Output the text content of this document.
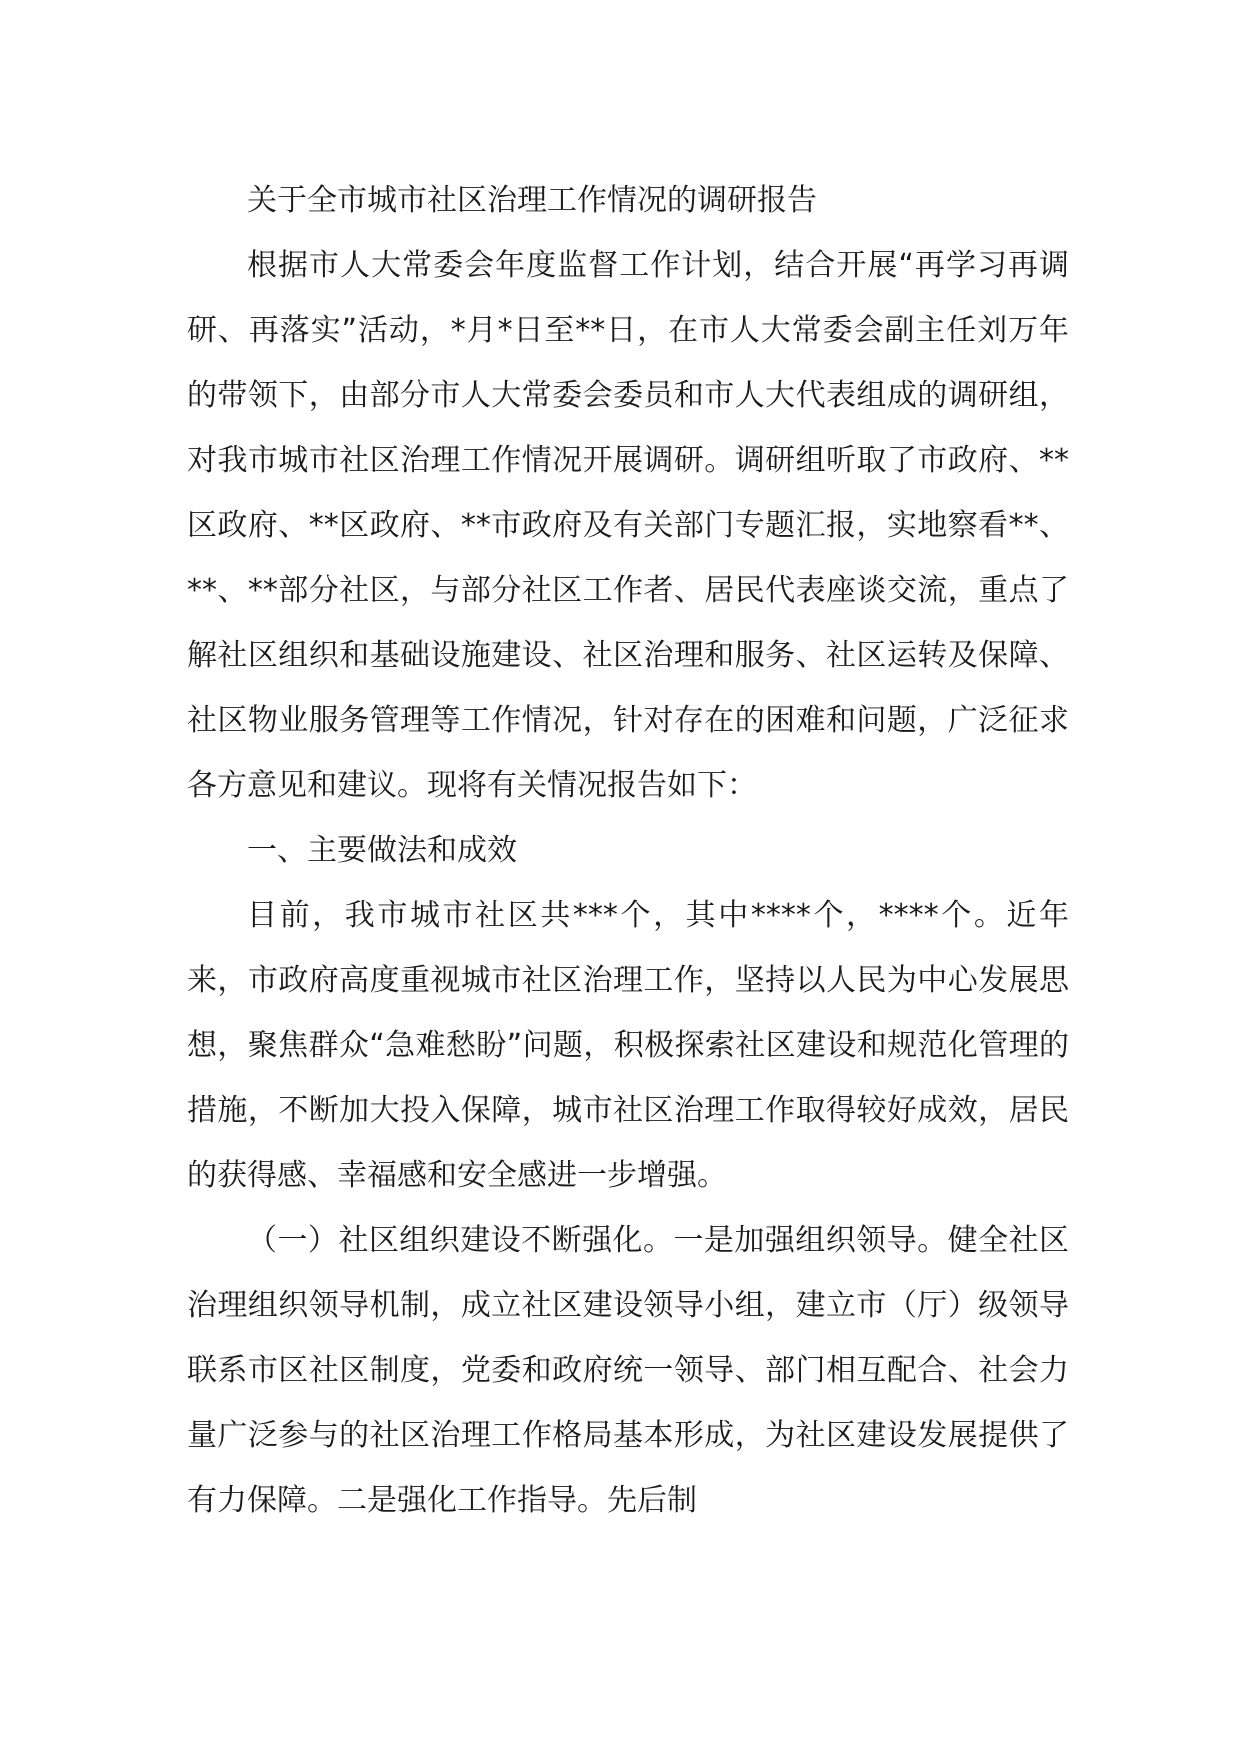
关于全市城市社区治理工作情况的调研报告

根据市人大常委会年度监督工作计划，结合开展“再学习再调研、再落实”活动，*月*日至**日，在市人大常委会副主任刘万年的带领下，由部分市人大常委会委员和市人大代表组成的调研组，对我市城市社区治理工作情况开展调研。调研组听取了市政府、**区政府、**区政府、**市政府及有关部门专题汇报，实地察看**、**、**部分社区，与部分社区工作者、居民代表座谈交流，重点了解社区组织和基础设施建设、社区治理和服务、社区运转及保障、社区物业服务管理等工作情况，针对存在的困难和问题，广泛征求各方意见和建议。现将有关情况报告如下：

一、主要做法和成效

目前，我市城市社区共***个，其中****个，****个。近年来，市政府高度重视城市社区治理工作，坚持以人民为中心发展思想，聚焦群众“急难愁盼”问题，积极探索社区建设和规范化管理的措施，不断加大投入保障，城市社区治理工作取得较好成效，居民的获得感、幸福感和安全感进一步增强。

（一）社区组织建设不断强化。一是加强组织领导。健全社区治理组织领导机制，成立社区建设领导小组，建立市（厅）级领导联系市区社区制度，党委和政府统一领导、部门相互配合、社会力量广泛参与的社区治理工作格局基本形成，为社区建设发展提供了有力保障。二是强化工作指导。先后制
